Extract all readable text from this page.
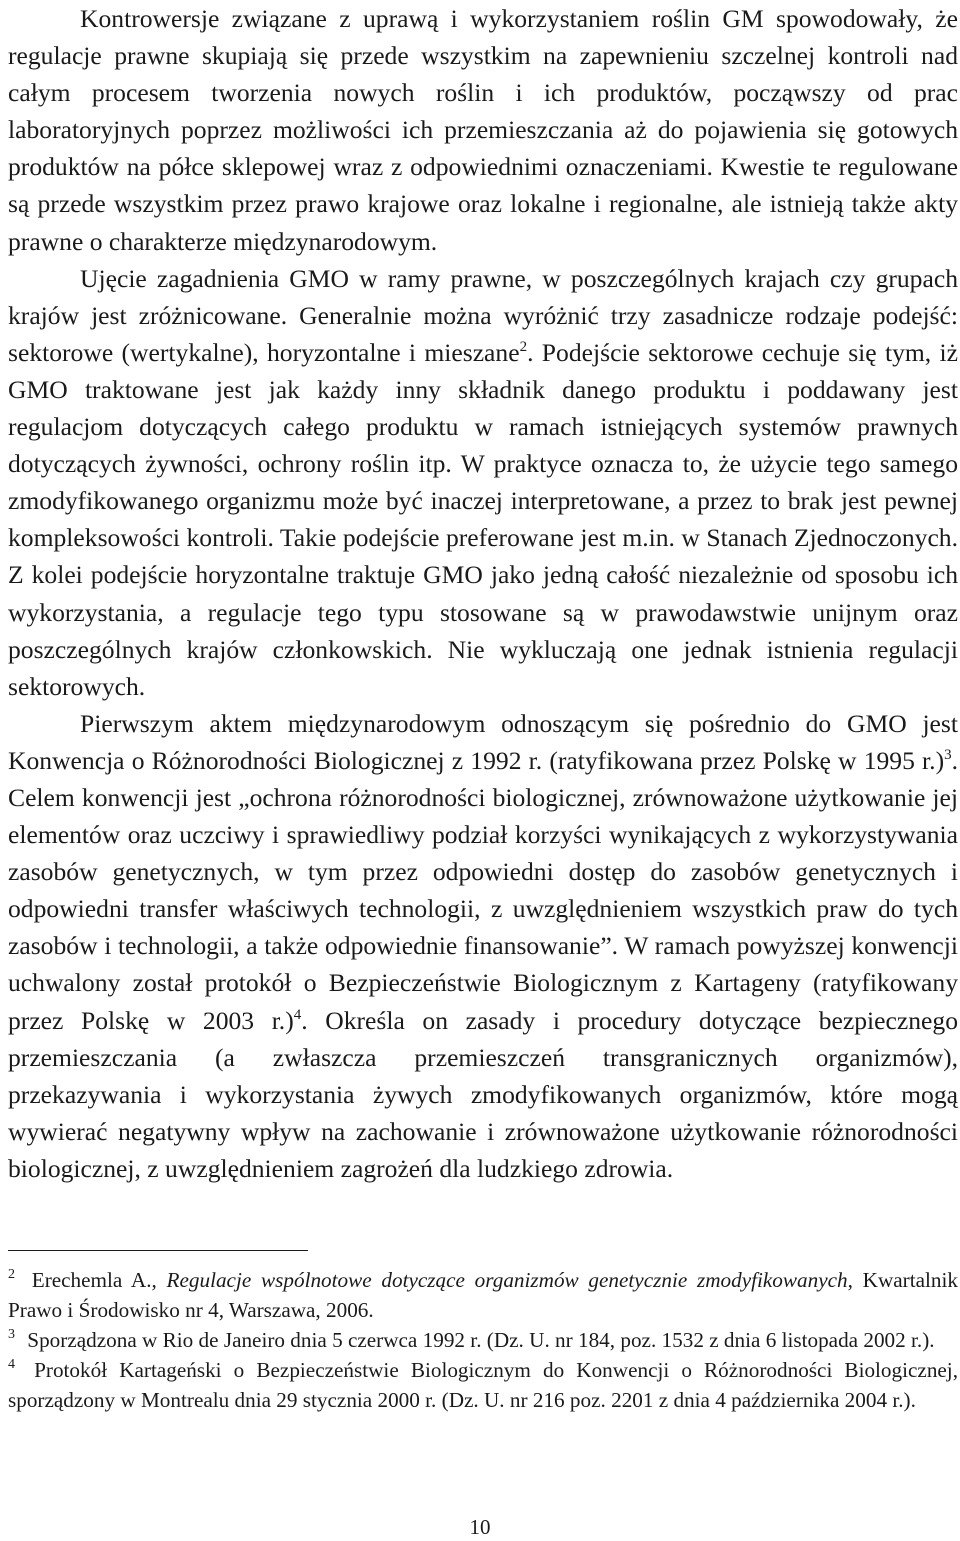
Kontrowersje związane z uprawą i wykorzystaniem roślin GM spowodowały, że regulacje prawne skupiają się przede wszystkim na zapewnieniu szczelnej kontroli nad całym procesem tworzenia nowych roślin i ich produktów, począwszy od prac laboratoryjnych poprzez możliwości ich przemieszczania aż do pojawienia się gotowych produktów na półce sklepowej wraz z odpowiednimi oznaczeniami. Kwestie te regulowane są przede wszystkim przez prawo krajowe oraz lokalne i regionalne, ale istnieją także akty prawne o charakterze międzynarodowym.

Ujęcie zagadnienia GMO w ramy prawne, w poszczególnych krajach czy grupach krajów jest zróżnicowane. Generalnie można wyróżnić trzy zasadnicze rodzaje podejść: sektorowe (wertykalne), horyzontalne i mieszane$^2$. Podejście sektorowe cechuje się tym, iż GMO traktowane jest jak każdy inny składnik danego produktu i poddawany jest regulacjom dotyczących całego produktu w ramach istniejących systemów prawnych dotyczących żywności, ochrony roślin itp. W praktyce oznacza to, że użycie tego samego zmodyfikowanego organizmu może być inaczej interpretowane, a przez to brak jest pewnej kompleksowości kontroli. Takie podejście preferowane jest m.in. w Stanach Zjednoczonych. Z kolei podejście horyzontalne traktuje GMO jako jedną całość niezależnie od sposobu ich wykorzystania, a regulacje tego typu stosowane są w prawodawstwie unijnym oraz poszczególnych krajów członkowskich. Nie wykluczają one jednak istnienia regulacji sektorowych.

Pierwszym aktem międzynarodowym odnoszącym się pośrednio do GMO jest Konwencja o Różnorodności Biologicznej z 1992 r. (ratyfikowana przez Polskę w 1995 r.)$^3$. Celem konwencji jest „ochrona różnorodności biologicznej, zrównoważone użytkowanie jej elementów oraz uczciwy i sprawiedliwy podział korzyści wynikających z wykorzystywania zasobów genetycznych, w tym przez odpowiedni dostęp do zasobów genetycznych i odpowiedni transfer właściwych technologii, z uwzględnieniem wszystkich praw do tych zasobów i technologii, a także odpowiednie finansowanie”. W ramach powyższej konwencji uchwalony został protokół o Bezpieczeństwie Biologicznym z Kartageny (ratyfikowany przez Polskę w 2003 r.)$^4$. Określa on zasady i procedury dotyczące bezpiecznego przemieszczania (a zwłaszcza przemieszczeń transgranicznych organizmów), przekazywania i wykorzystania żywych zmodyfikowanych organizmów, które mogą wywierać negatywny wpływ na zachowanie i zrównoważone użytkowanie różnorodności biologicznej, z uwzględnieniem zagrożeń dla ludzkiego zdrowia.

$^2$ Erechemla A., Regulacje wspólnotowe dotyczące organizmów genetycznie zmodyfikowanych, Kwartalnik Prawo i Środowisko nr 4, Warszawa, 2006.

$^3$ Sporządzona w Rio de Janeiro dnia 5 czerwca 1992 r. (Dz. U. nr 184, poz. 1532 z dnia 6 listopada 2002 r.).

$^4$ Protokół Kartageński o Bezpieczeństwie Biologicznym do Konwencji o Różnorodności Biologicznej, sporządzony w Montrealu dnia 29 stycznia 2000 r. (Dz. U. nr 216 poz. 2201 z dnia 4 października 2004 r.).

10
